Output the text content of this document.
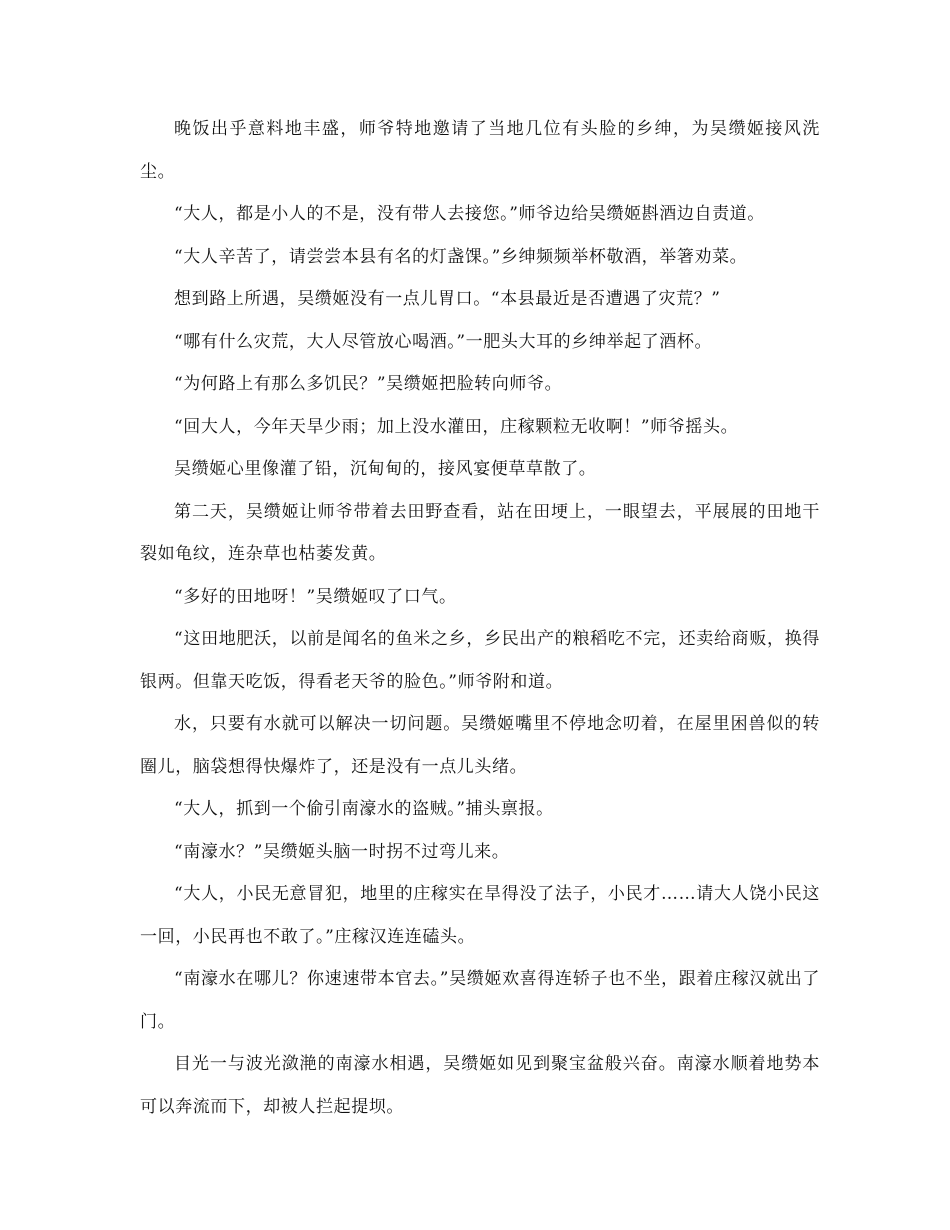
晚饭出乎意料地丰盛，师爷特地邀请了当地几位有头脸的乡绅，为吴缵姬接风洗尘。

“大人，都是小人的不是，没有带人去接您。”师爷边给吴缵姬斟酒边自责道。

“大人辛苦了，请尝尝本县有名的灯盏馃。”乡绅频频举杯敬酒，举箸劝菜。

想到路上所遇，吴缵姬没有一点儿胃口。“本县最近是否遭遇了灾荒？”

“哪有什么灾荒，大人尽管放心喝酒。”一肥头大耳的乡绅举起了酒杯。

“为何路上有那么多饥民？”吴缵姬把脸转向师爷。

“回大人，今年天旱少雨；加上没水灌田，庄稼颗粒无收啊！”师爷摇头。

吴缵姬心里像灌了铅，沉甸甸的，接风宴便草草散了。

第二天，吴缵姬让师爷带着去田野查看，站在田埂上，一眼望去，平展展的田地干裂如龟纹，连杂草也枯萎发黄。

“多好的田地呀！”吴缵姬叹了口气。

“这田地肥沃，以前是闻名的鱼米之乡，乡民出产的粮稻吃不完，还卖给商贩，换得银两。但靠天吃饭，得看老天爷的脸色。”师爷附和道。

水，只要有水就可以解决一切问题。吴缵姬嘴里不停地念叨着，在屋里困兽似的转圈儿，脑袋想得快爆炸了，还是没有一点儿头绪。

“大人，抓到一个偷引南濠水的盗贼。”捕头禀报。

“南濠水？”吴缵姬头脑一时拐不过弯儿来。

“大人，小民无意冒犯，地里的庄稼实在旱得没了法子，小民才……请大人饶小民这一回，小民再也不敢了。”庄稼汉连连磕头。

“南濠水在哪儿？你速速带本官去。”吴缵姬欢喜得连轿子也不坐，跟着庄稼汉就出了门。

目光一与波光潋滟的南濠水相遇，吴缵姬如见到聚宝盆般兴奋。南濠水顺着地势本可以奔流而下，却被人拦起提坝。
